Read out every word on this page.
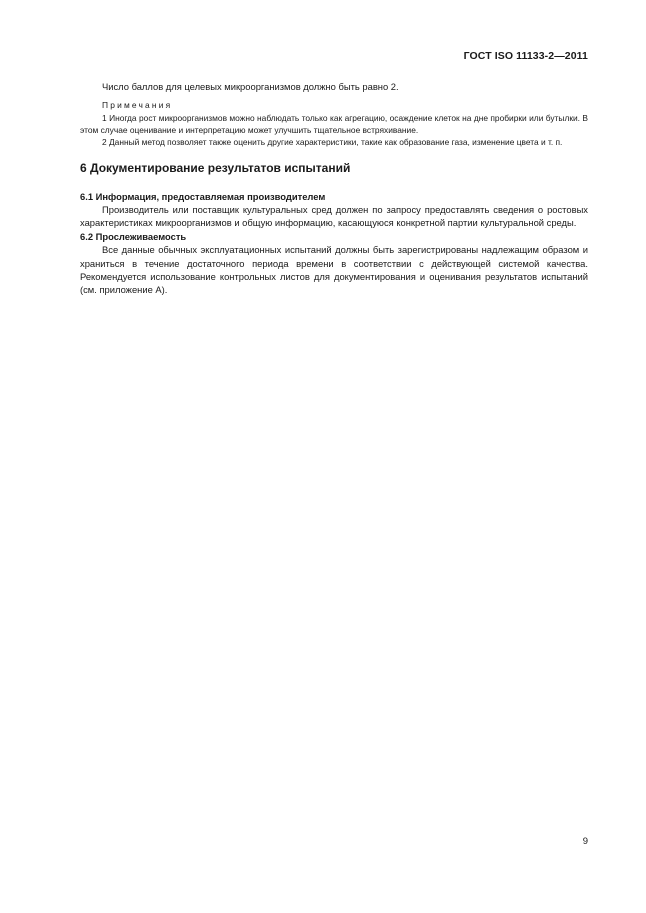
ГОСТ ISO 11133-2—2011

Число баллов для целевых микроорганизмов должно быть равно 2.

Примечания

1 Иногда рост микроорганизмов можно наблюдать только как агрегацию, осаждение клеток на дне пробирки или бутылки. В этом случае оценивание и интерпретацию может улучшить тщательное встряхивание.

2 Данный метод позволяет также оценить другие характеристики, такие как образование газа, изменение цвета и т. п.

6 Документирование результатов испытаний

6.1 Информация, предоставляемая производителем

Производитель или поставщик культуральных сред должен по запросу предоставлять сведения о ростовых характеристиках микроорганизмов и общую информацию, касающуюся конкретной партии культуральной среды.

6.2 Прослеживаемость

Все данные обычных эксплуатационных испытаний должны быть зарегистрированы надлежащим образом и храниться в течение достаточного периода времени в соответствии с действующей системой качества. Рекомендуется использование контрольных листов для документирования и оценивания результатов испытаний (см. приложение А).

9
